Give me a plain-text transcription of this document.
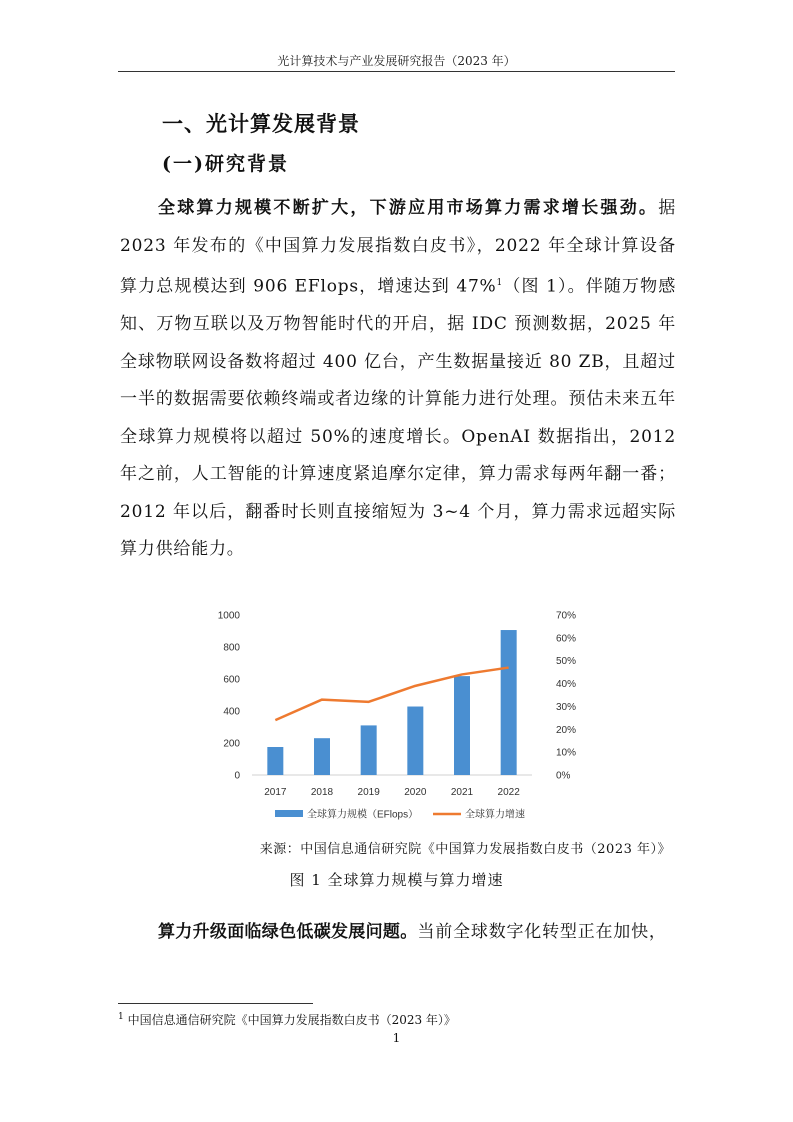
光计算技术与产业发展研究报告（2023 年）
一、光计算发展背景
(一)研究背景
全球算力规模不断扩大，下游应用市场算力需求增长强劲。据 2023 年发布的《中国算力发展指数白皮书》，2022 年全球计算设备算力总规模达到 906 EFlops，增速达到 47%$^1$（图 1）。伴随万物感知、万物互联以及万物智能时代的开启，据 IDC 预测数据，2025 年全球物联网设备数将超过 400 亿台，产生数据量接近 80 ZB，且超过一半的数据需要依赖终端或者边缘的计算能力进行处理。预估未来五年全球算力规模将以超过 50%的速度增长。OpenAI 数据指出，2012 年之前，人工智能的计算速度紧追摩尔定律，算力需求每两年翻一番；2012 年以后，翻番时长则直接缩短为 3~4 个月，算力需求远超实际算力供给能力。
0
200
400
600
800
1000
0%
10%
20%
30%
40%
50%
60%
70%
2017 2018 2019 2020 2021 2022
全球算力规模（EFlops）	全球算力增速
来源：中国信息通信研究院《中国算力发展指数白皮书（2023 年）》
图 1 全球算力规模与算力增速
算力升级面临绿色低碳发展问题。当前全球数字化转型正在加快，
$^1$ 中国信息通信研究院《中国算力发展指数白皮书（2023 年）》
1
